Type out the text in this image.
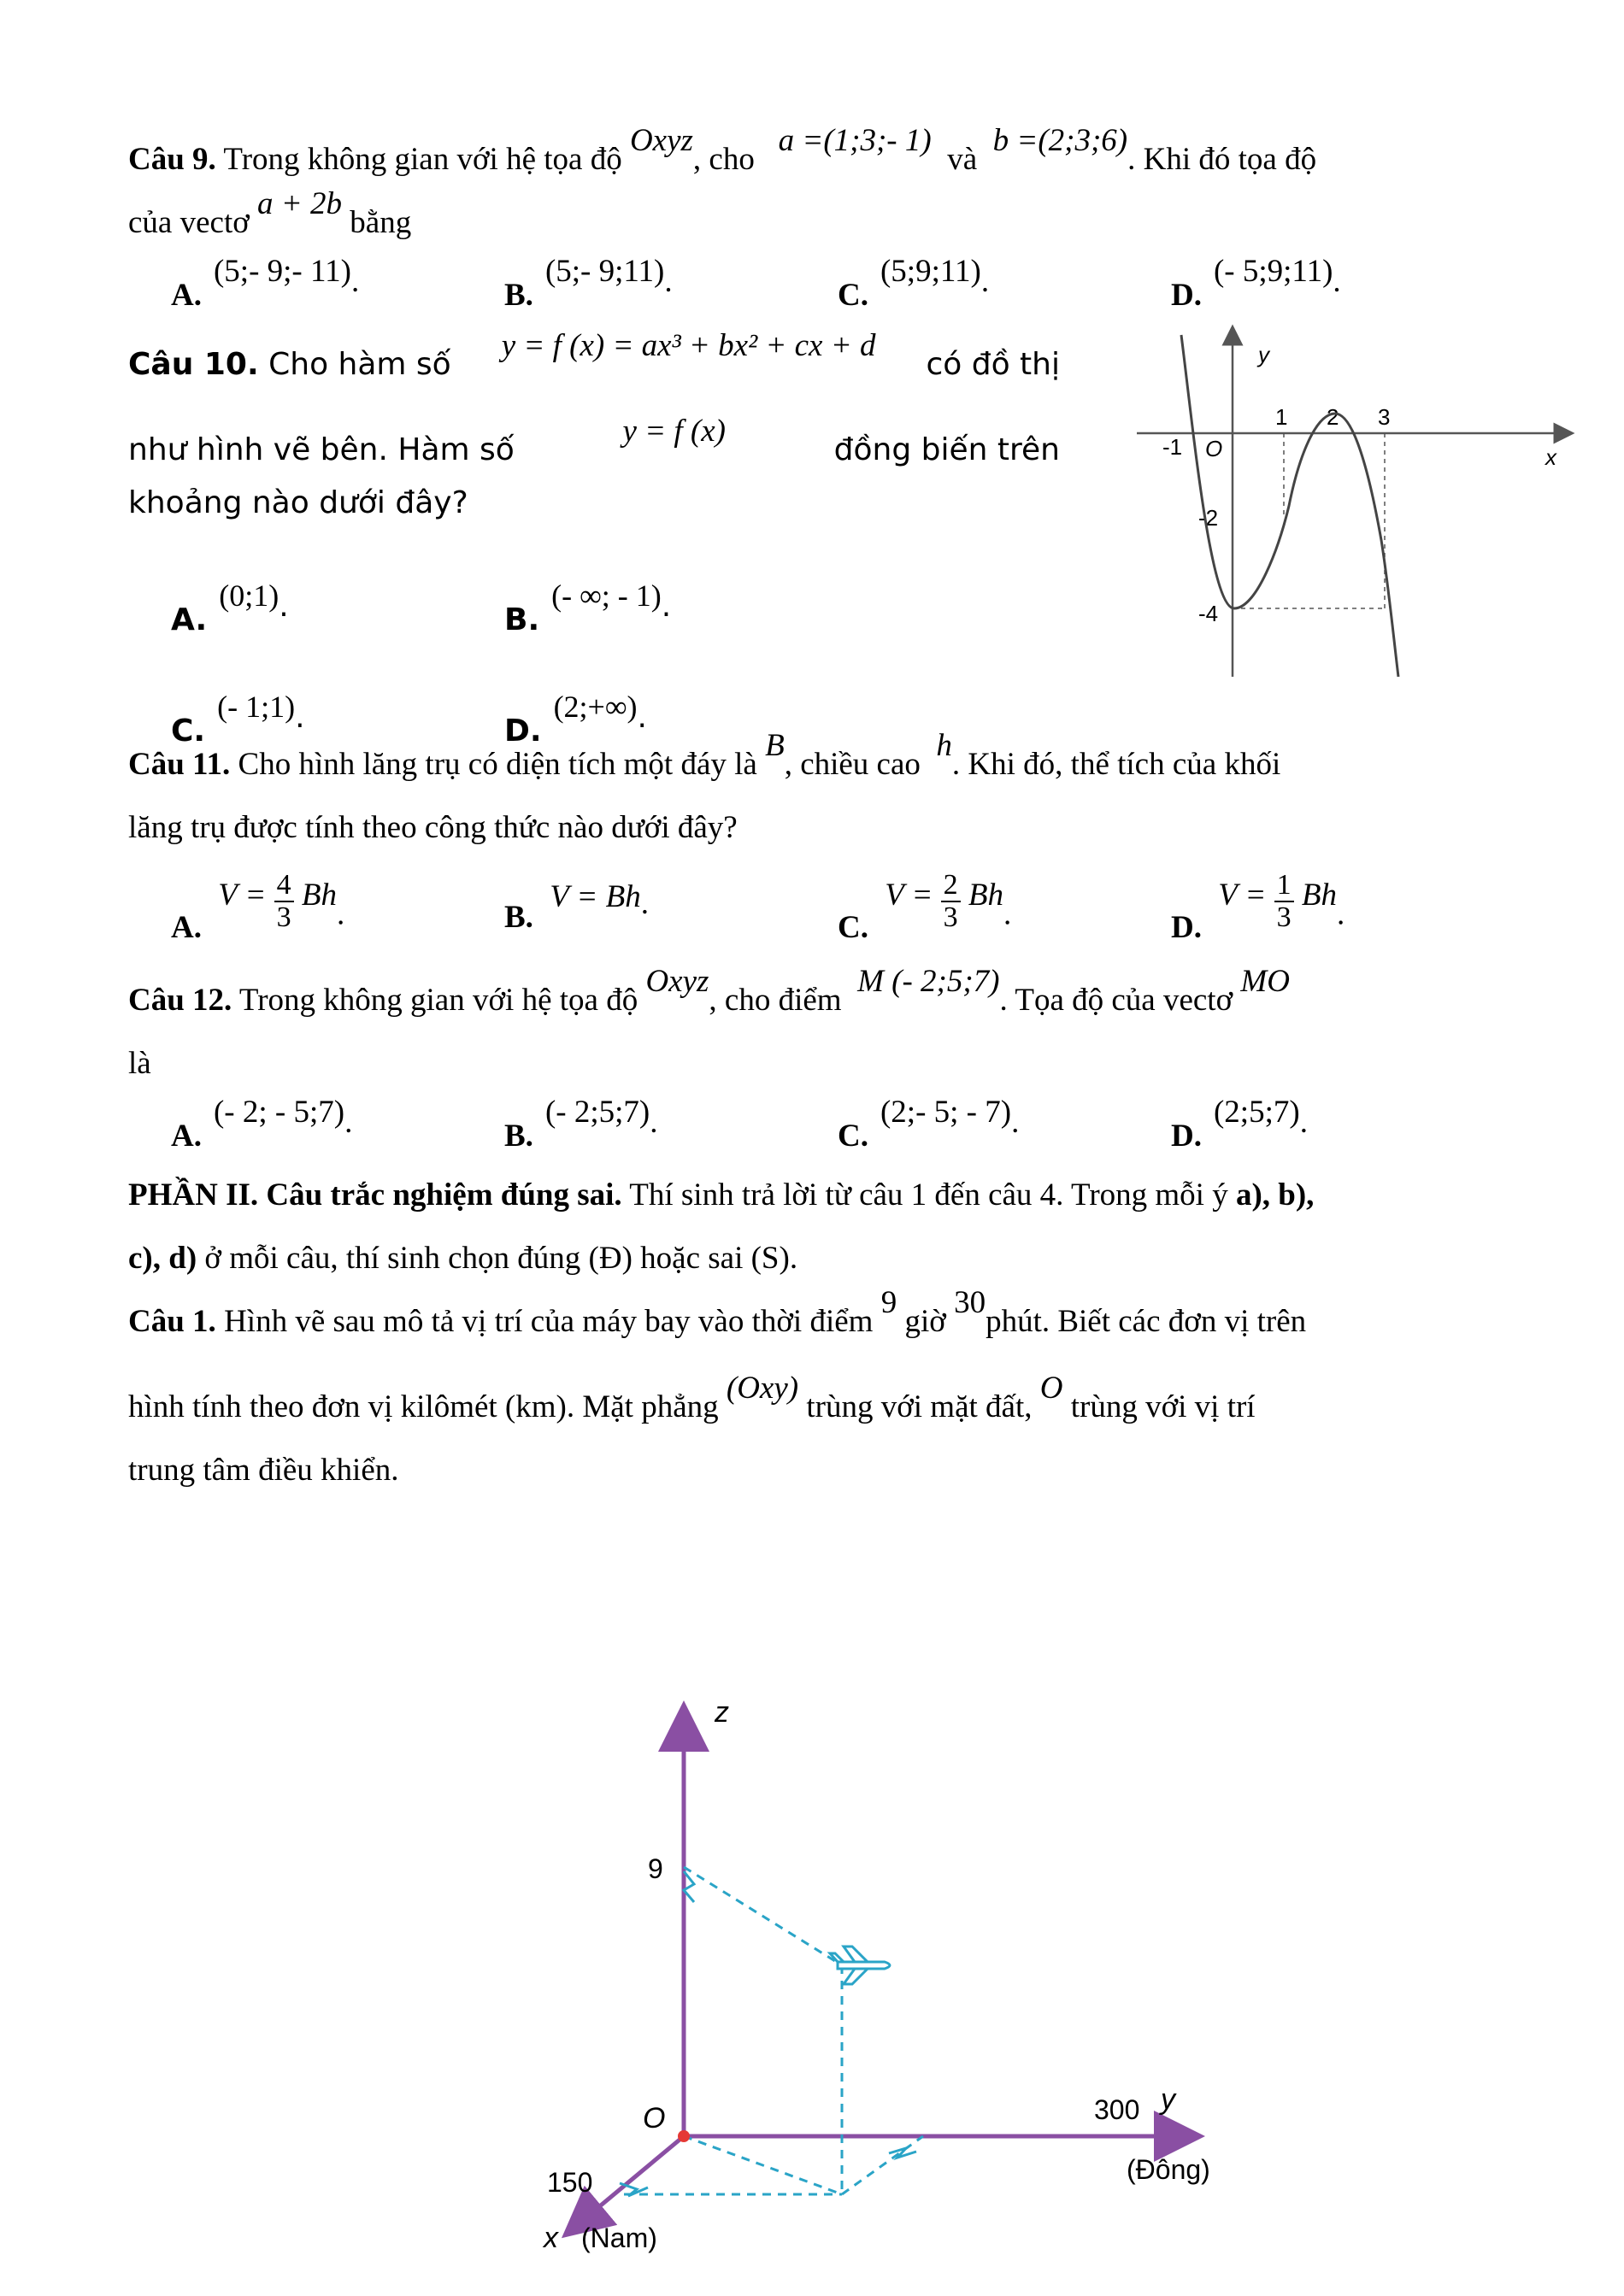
Câu 9. Trong không gian với hệ tọa độ Oxyz, cho   a =(1;3;- 1)  và  b =(2;3;6). Khi đó tọa độ
của vectơ a + 2b bằng
A.(5;- 9;- 11).	B.(5;- 9;11).	C.(5;9;11).	D.(- 5;9;11).
Câu 10. Cho hàm số
y = f (x) = ax³ + bx² + cx + d
có đồ thị
như hình vẽ bên. Hàm số
y = f (x)
đồng biến trên
khoảng nào dưới đây?
A.(0;1).	B.(- ∞; - 1).
C.(- 1;1).	D.(2;+∞).
y
x
O
-1
1 2 3
-2
-4
Câu 11. Cho hình lăng trụ có diện tích một đáy là B, chiều cao  h. Khi đó, thể tích của khối
lăng trụ được tính theo công thức nào dưới đây?
A. $V = \frac{4}{3} Bh$.	B. V = Bh.
C. $V = \frac{2}{3} Bh$.	D. $V = \frac{1}{3} Bh$.
Câu 12. Trong không gian với hệ tọa độ Oxyz, cho điểm  M (- 2;5;7). Tọa độ của vectơ MO
là
A.(- 2; - 5;7).	B.(- 2;5;7).	C.(2;- 5; - 7).	D.(2;5;7).
PHẦN II. Câu trắc nghiệm đúng sai. Thí sinh trả lời từ câu 1 đến câu 4. Trong mỗi ý a), b),
c), d) ở mỗi câu, thí sinh chọn đúng (Đ) hoặc sai (S).
Câu 1. Hình vẽ sau mô tả vị trí của máy bay vào thời điểm 9 giờ 30phút. Biết các đơn vị trên

hình tính theo đơn vị kilômét (km). Mặt phẳng (Oxy) trùng với mặt đất, O trùng với vị trí
trung tâm điều khiển.
z
9
O	300 y
(Đông)
150
x (Nam)
